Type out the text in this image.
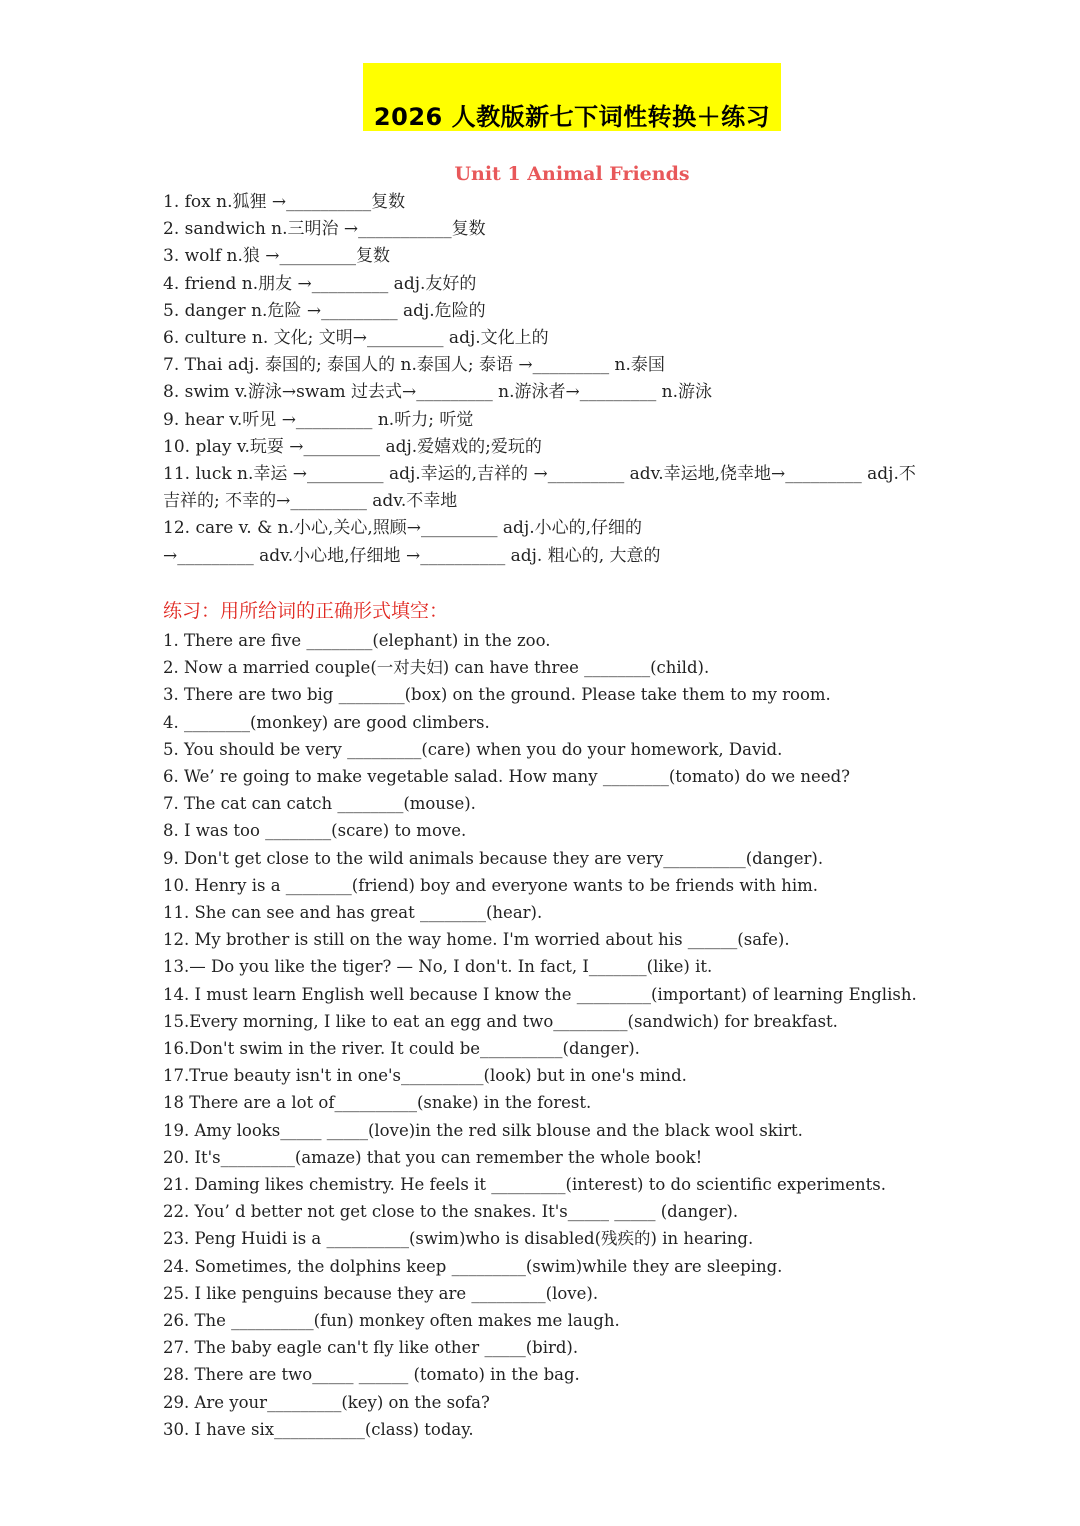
2026 人教版新七下词性转换＋练习
Unit 1 Animal Friends
1. fox n.狐狸 →__________复数
2. sandwich n.三明治 →___________复数
3. wolf n.狼 →_________复数
4. friend n.朋友 →_________ adj.友好的
5. danger n.危险 →_________ adj.危险的
6. culture n. 文化; 文明→_________ adj.文化上的
7. Thai adj. 泰国的; 泰国人的 n.泰国人; 泰语 →_________ n.泰国
8. swim v.游泳→swam 过去式→_________ n.游泳者→_________ n.游泳
9. hear v.听见 →_________ n.听力; 听觉
10. play v.玩耍 →_________ adj.爱嬉戏的;爱玩的
11. luck n.幸运 →_________ adj.幸运的,吉祥的 →_________ adv.幸运地,侥幸地→_________ adj.不
吉祥的; 不幸的→_________ adv.不幸地
12. care v. & n.小心,关心,照顾→_________ adj.小心的,仔细的
→_________ adv.小心地,仔细地 →__________ adj. 粗心的, 大意的
练习：用所给词的正确形式填空：
1. There are five ________(elephant) in the zoo.
2. Now a married couple(一对夫妇) can have three ________(child).
3. There are two big ________(box) on the ground. Please take them to my room.
4. ________(monkey) are good climbers.
5. You should be very _________(care) when you do your homework, David.
6. We’ re going to make vegetable salad. How many ________(tomato) do we need?
7. The cat can catch ________(mouse).
8. I was too ________(scare) to move.
9. Don't get close to the wild animals because they are very__________(danger).
10. Henry is a ________(friend) boy and everyone wants to be friends with him.
11. She can see and has great ________(hear).
12. My brother is still on the way home. I'm worried about his ______(safe).
13.— Do you like the tiger? — No, I don't. In fact, I_______(like) it.
14. I must learn English well because I know the _________(important) of learning English.
15.Every morning, I like to eat an egg and two_________(sandwich) for breakfast.
16.Don't swim in the river. It could be__________(danger).
17.True beauty isn't in one's__________(look) but in one's mind.
18 There are a lot of__________(snake) in the forest.
19. Amy looks_____ _____(love)in the red silk blouse and the black wool skirt.
20. It's_________(amaze) that you can remember the whole book!
21. Daming likes chemistry. He feels it _________(interest) to do scientific experiments.
22. You’ d better not get close to the snakes. It's_____ _____ (danger).
23. Peng Huidi is a __________(swim)who is disabled(残疾的) in hearing.
24. Sometimes, the dolphins keep _________(swim)while they are sleeping.
25. I like penguins because they are _________(love).
26. The __________(fun) monkey often makes me laugh.
27. The baby eagle can't fly like other _____(bird).
28. There are two_____ ______ (tomato) in the bag.
29. Are your_________(key) on the sofa?
30. I have six___________(class) today.
